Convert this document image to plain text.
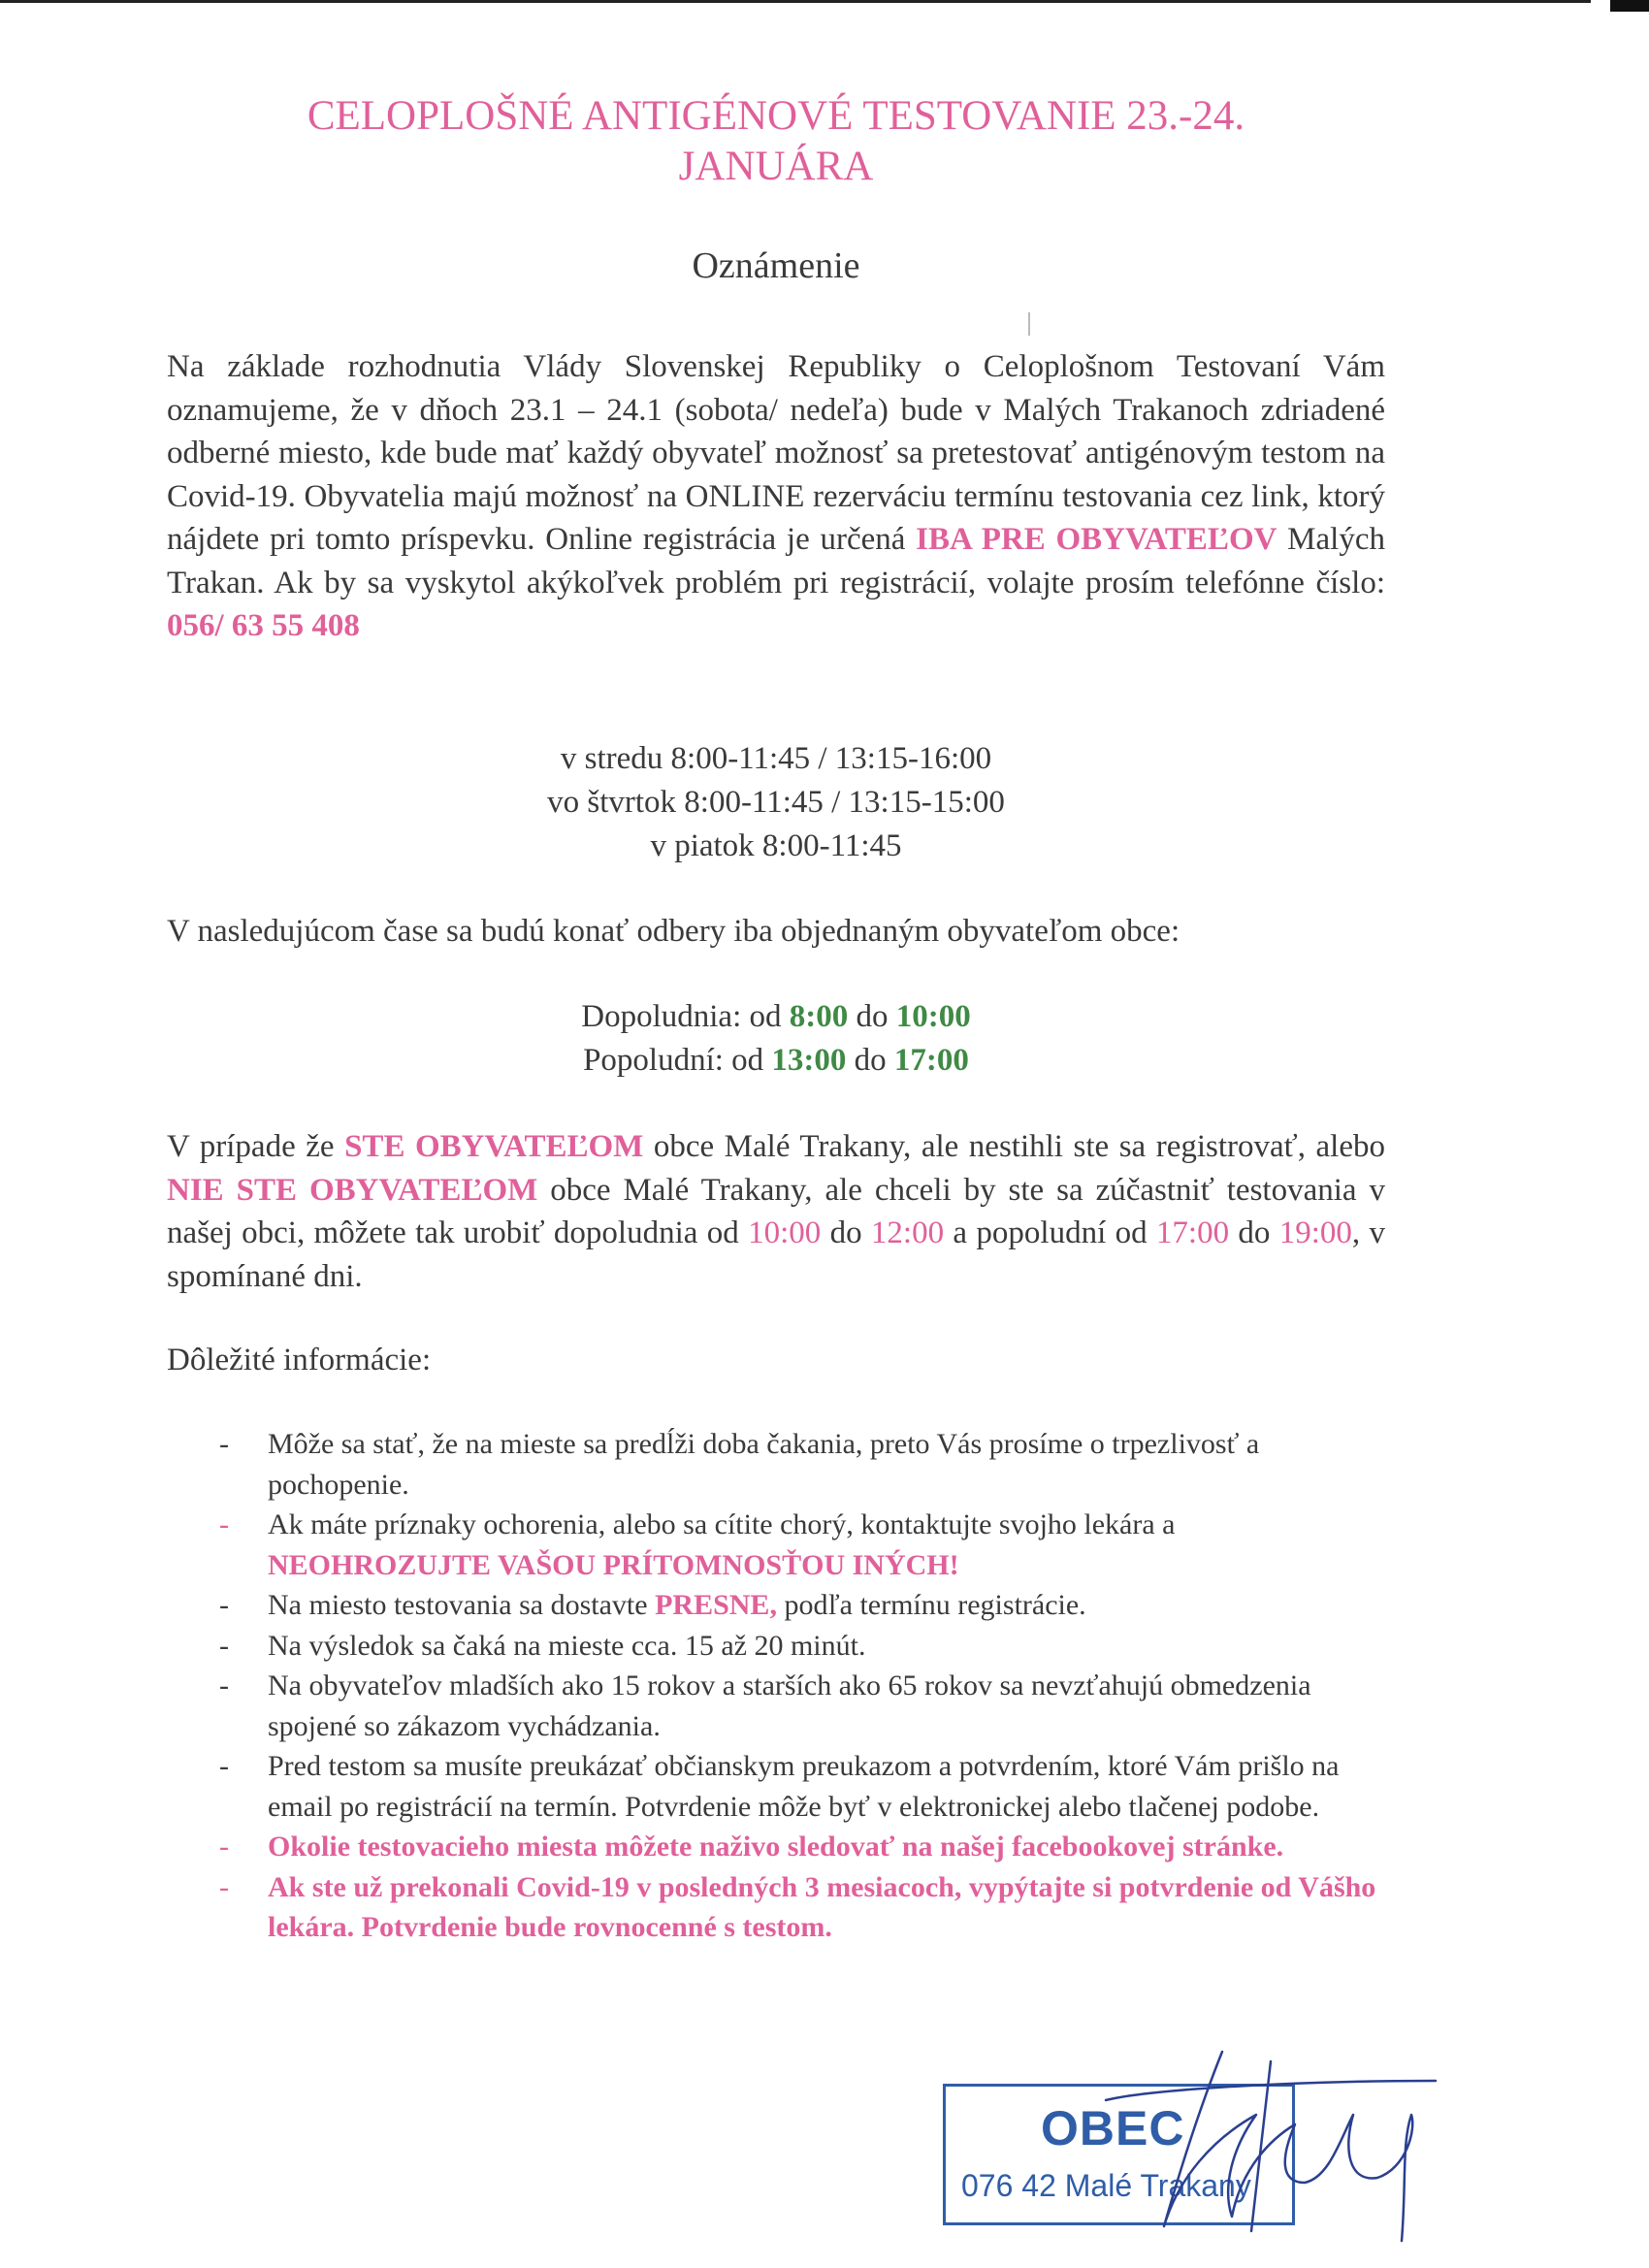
CELOPLOŠNÉ ANTIGÉNOVÉ TESTOVANIE 23.-24.
JANUÁRA
Oznámenie

Na základe rozhodnutia Vlády Slovenskej Republiky o Celoplošnom Testovaní Vám oznamujeme, že v dňoch 23.1 – 24.1 (sobota/ nedeľa) bude v Malých Trakanoch zdriadené odberné miesto, kde bude mať každý obyvateľ možnosť sa pretestovať antigénovým testom na Covid-19. Obyvatelia majú možnosť na ONLINE rezerváciu termínu testovania cez link, ktorý nájdete pri tomto príspevku. Online registrácia je určená IBA PRE OBYVATEĽOV Malých Trakan. Ak by sa vyskytol akýkoľvek problém pri registrácií, volajte prosím telefónne číslo: 056/ 63 55 408

v stredu 8:00-11:45 / 13:15-16:00
vo štvrtok 8:00-11:45 / 13:15-15:00
v piatok 8:00-11:45

V nasledujúcom čase sa budú konať odbery iba objednaným obyvateľom obce:

Dopoludnia: od 8:00 do 10:00
Popoludní: od 13:00 do 17:00

V prípade že STE OBYVATEĽOM obce Malé Trakany, ale nestihli ste sa registrovať, alebo NIE STE OBYVATEĽOM obce Malé Trakany, ale chceli by ste sa zúčastniť testovania v našej obci, môžete tak urobiť dopoludnia od 10:00 do 12:00 a popoludní od 17:00 do 19:00, v spomínané dni.

Dôležité informácie:

- Môže sa stať, že na mieste sa predĺži doba čakania, preto Vás prosíme o trpezlivosť a pochopenie.
- Ak máte príznaky ochorenia, alebo sa cítite chorý, kontaktujte svojho lekára a NEOHROZUJTE VAŠOU PRÍTOMNOSŤOU INÝCH!
- Na miesto testovania sa dostavte PRESNE, podľa termínu registrácie.
- Na výsledok sa čaká na mieste cca. 15 až 20 minút.
- Na obyvateľov mladších ako 15 rokov a starších ako 65 rokov sa nevzťahujú obmedzenia spojené so zákazom vychádzania.
- Pred testom sa musíte preukázať občianskym preukazom a potvrdením, ktoré Vám prišlo na email po registrácií na termín. Potvrdenie môže byť v elektronickej alebo tlačenej podobe.
- Okolie testovacieho miesta môžete naživo sledovať na našej facebookovej stránke.
- Ak ste už prekonali Covid-19 v posledných 3 mesiacoch, vypýtajte si potvrdenie od Vášho lekára. Potvrdenie bude rovnocenné s testom.
OBEC
076 42 Malé Trakany
